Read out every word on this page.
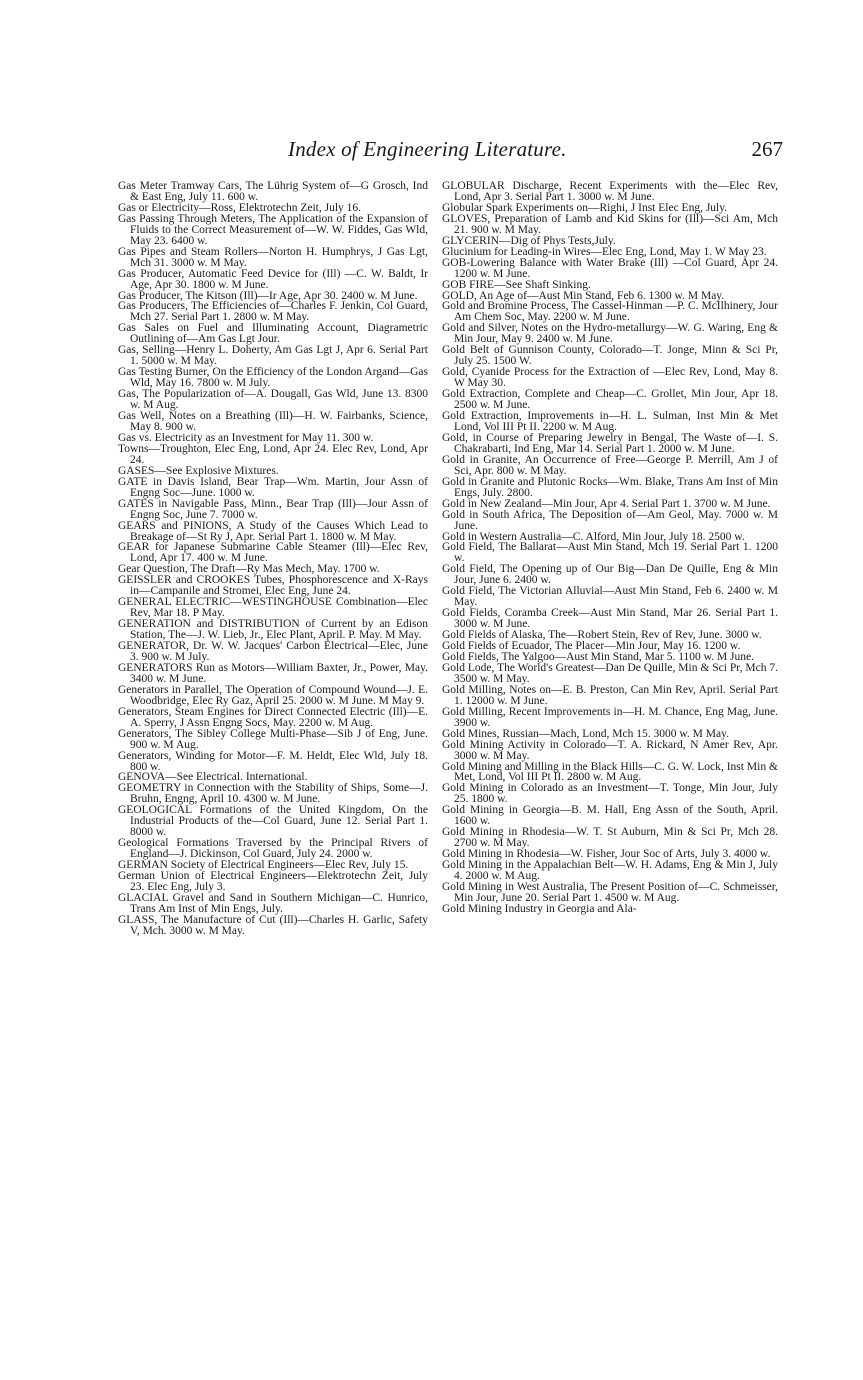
Index of Engineering Literature.	267

Gas Meter Tramway Cars, The Lührig System of—G Grosch, Ind & East Eng, July 11. 600 w.

Gas or Electricity—Ross, Elektrotechn Zeit, July 16.

Gas Passing Through Meters, The Application of the Expansion of Fluids to the Correct Measurement of—W. W. Fiddes, Gas Wld, May 23. 6400 w.

Gas Pipes and Steam Rollers—Norton H. Humphrys, J Gas Lgt, Mch 31. 3000 w. M May.

Gas Producer, Automatic Feed Device for (Ill) —C. W. Baldt, Ir Age, Apr 30. 1800 w. M June.

Gas Producer, The Kitson (Ill)—Ir Age, Apr 30. 2400 w. M June.

Gas Producers, The Efficiencies of—Charles F. Jenkin, Col Guard, Mch 27. Serial Part 1. 2800 w. M May.

Gas Sales on Fuel and Illuminating Account, Diagrametric Outlining of—Am Gas Lgt Jour.

Gas, Selling—Henry L. Doherty, Am Gas Lgt J, Apr 6. Serial Part 1. 5000 w. M May.

Gas Testing Burner, On the Efficiency of the London Argand—Gas Wld, May 16. 7800 w. M July.

Gas, The Popularization of—A. Dougall, Gas Wld, June 13. 8300 w. M Aug.

Gas Well, Notes on a Breathing (Ill)—H. W. Fairbanks, Science, May 8. 900 w.

Gas vs. Electricity as an Investment for May 11. 300 w.

Towns—Troughton, Elec Eng, Lond, Apr 24. Elec Rev, Lond, Apr 24.

GASES—See Explosive Mixtures.

GATE in Davis Island, Bear Trap—Wm. Martin, Jour Assn of Engng Soc—June. 1000 w.

GATES in Navigable Pass, Minn., Bear Trap (Ill)—Jour Assn of Engng Soc, June 7. 7000 w.

GEARS and PINIONS, A Study of the Causes Which Lead to Breakage of—St Ry J, Apr. Serial Part 1. 1800 w. M May.

GEAR for Japanese Submarine Cable Steamer (Ill)—Elec Rev, Lond, Apr 17. 400 w. M June.

Gear Question, The Draft—Ry Mas Mech, May. 1700 w.

GEISSLER and CROOKES Tubes, Phosphorescence and X-Rays in—Campanile and Stromei, Elec Eng, June 24.

GENERAL ELECTRIC—WESTINGHOUSE Combination—Elec Rev, Mar 18. P May.

GENERATION and DISTRIBUTION of Current by an Edison Station, The—J. W. Lieb, Jr., Elec Plant, April. P. May. M May.

GENERATOR, Dr. W. W. Jacques' Carbon Electrical—Elec, June 3. 900 w. M July.

GENERATORS Run as Motors—William Baxter, Jr., Power, May. 3400 w. M June.

Generators in Parallel, The Operation of Compound Wound—J. E. Woodbridge, Elec Ry Gaz, April 25. 2000 w. M June. M May 9.

Generators, Steam Engines for Direct Connected Electric (Ill)—E. A. Sperry, J Assn Engng Socs, May. 2200 w. M Aug.

Generators, The Sibley College Multi-Phase—Sib J of Eng, June. 900 w. M Aug.

Generators, Winding for Motor—F. M. Heldt, Elec Wld, July 18. 800 w.

GENOVA—See Electrical. International.

GEOMETRY in Connection with the Stability of Ships, Some—J. Bruhn, Engng, April 10. 4300 w. M June.

GEOLOGICAL Formations of the United Kingdom, On the Industrial Products of the—Col Guard, June 12. Serial Part 1. 8000 w.

Geological Formations Traversed by the Principal Rivers of England—J. Dickinson, Col Guard, July 24. 2000 w.

GERMAN Society of Electrical Engineers—Elec Rev, July 15.

German Union of Electrical Engineers—Elektrotechn Zeit, July 23. Elec Eng, July 3.

GLACIAL Gravel and Sand in Southern Michigan—C. Hunrico, Trans Am Inst of Min Engs, July.

GLASS, The Manufacture of Cut (Ill)—Charles H. Garlic, Safety V, Mch. 3000 w. M May.

GLOBULAR Discharge, Recent Experiments with the—Elec Rev, Lond, Apr 3. Serial Part 1. 3000 w. M June.

Globular Spark Experiments on—Righi, J Inst Elec Eng, July.

GLOVES, Preparation of Lamb and Kid Skins for (Ill)—Sci Am, Mch 21. 900 w. M May.

GLYCERIN—Dig of Phys Tests,July.

Glucinium for Leading-in Wires—Elec Eng, Lond, May 1. W May 23.

GOB-Lowering Balance with Water Brake (Ill) —Col Guard, Apr 24. 1200 w. M June.

GOB FIRE—See Shaft Sinking.

GOLD, An Age of—Aust Min Stand, Feb 6. 1300 w. M May.

Gold and Bromine Process, The Cassel-Hinman —P. C. McIlhinery, Jour Am Chem Soc, May. 2200 w. M June.

Gold and Silver, Notes on the Hydro-metallurgy—W. G. Waring, Eng & Min Jour, May 9. 2400 w. M June.

Gold Belt of Gunnison County, Colorado—T. Jonge, Minn & Sci Pr, July 25. 1500 W.

Gold, Cyanide Process for the Extraction of —Elec Rev, Lond, May 8. W May 30.

Gold Extraction, Complete and Cheap—C. Grollet, Min Jour, Apr 18. 2500 w. M June.

Gold Extraction, Improvements in—H. L. Sulman, Inst Min & Met Lond, Vol III Pt II. 2200 w. M Aug.

Gold, in Course of Preparing Jewelry in Bengal, The Waste of—I. S. Chakrabarti, Ind Eng, Mar 14. Serial Part 1. 2000 w. M June.

Gold in Granite, An Occurrence of Free—George P. Merrill, Am J of Sci, Apr. 800 w. M May.

Gold in Granite and Plutonic Rocks—Wm. Blake, Trans Am Inst of Min Engs, July. 2800.

Gold in New Zealand—Min Jour, Apr 4. Serial Part 1. 3700 w. M June.

Gold in South Africa, The Deposition of—Am Geol, May. 7000 w. M June.

Gold in Western Australia—C. Alford, Min Jour, July 18. 2500 w.

Gold Field, The Ballarat—Aust Min Stand, Mch 19. Serial Part 1. 1200 w.

Gold Field, The Opening up of Our Big—Dan De Quille, Eng & Min Jour, June 6. 2400 w.

Gold Field, The Victorian Alluvial—Aust Min Stand, Feb 6. 2400 w. M May.

Gold Fields, Coramba Creek—Aust Min Stand, Mar 26. Serial Part 1. 3000 w. M June.

Gold Fields of Alaska, The—Robert Stein, Rev of Rev, June. 3000 w.

Gold Fields of Ecuador, The Placer—Min Jour, May 16. 1200 w.

Gold Fields, The Yalgoo—Aust Min Stand, Mar 5. 1100 w. M June.

Gold Lode, The World's Greatest—Dan De Quille, Min & Sci Pr, Mch 7. 3500 w. M May.

Gold Milling, Notes on—E. B. Preston, Can Min Rev, April. Serial Part 1. 12000 w. M June.

Gold Milling, Recent Improvements in—H. M. Chance, Eng Mag, June. 3900 w.

Gold Mines, Russian—Mach, Lond, Mch 15. 3000 w. M May.

Gold Mining Activity in Colorado—T. A. Rickard, N Amer Rev, Apr. 3000 w. M May.

Gold Mining and Milling in the Black Hills—C. G. W. Lock, Inst Min & Met, Lond, Vol III Pt II. 2800 w. M Aug.

Gold Mining in Colorado as an Investment—T. Tonge, Min Jour, July 25. 1800 w.

Gold Mining in Georgia—B. M. Hall, Eng Assn of the South, April. 1600 w.

Gold Mining in Rhodesia—W. T. St Auburn, Min & Sci Pr, Mch 28. 2700 w. M May.

Gold Mining in Rhodesia—W. Fisher, Jour Soc of Arts, July 3. 4000 w.

Gold Mining in the Appalachian Belt—W. H. Adams, Eng & Min J, July 4. 2000 w. M Aug.

Gold Mining in West Australia, The Present Position of—C. Schmeisser, Min Jour, June 20. Serial Part 1. 4500 w. M Aug.

Gold Mining Industry in Georgia and Ala-
